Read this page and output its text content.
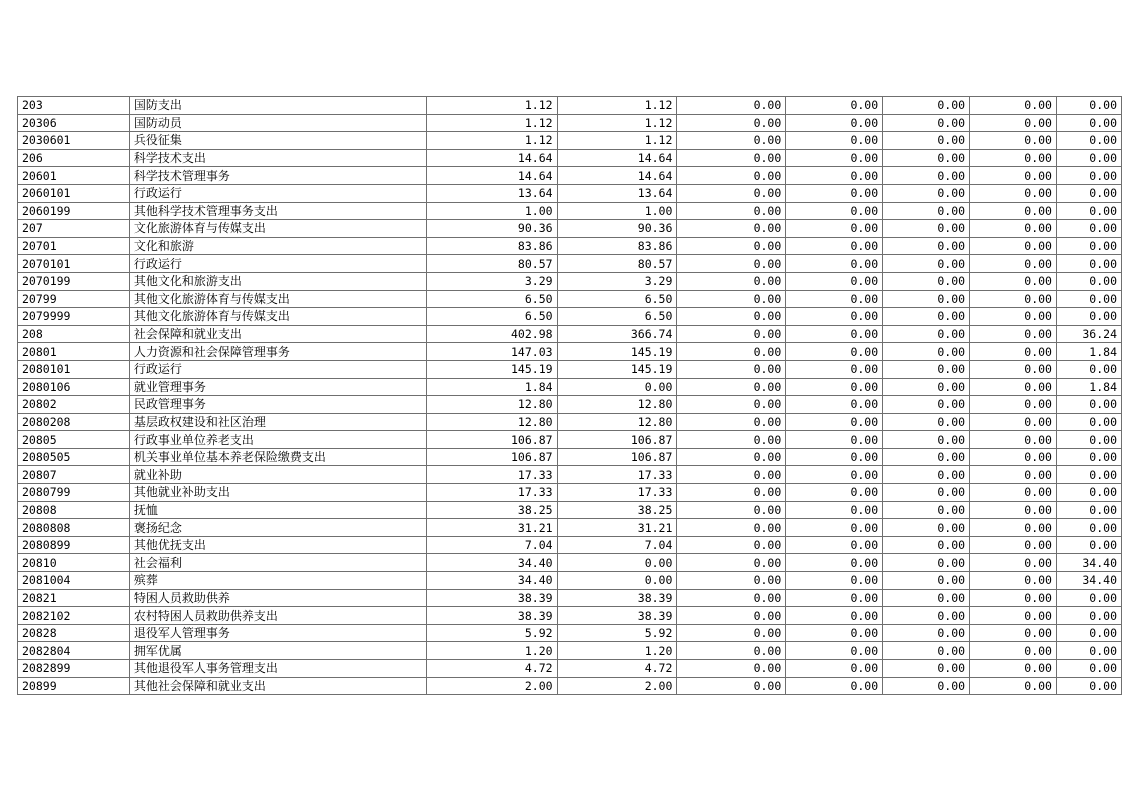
203	国防支出	1.12	1.12	0.00	0.00	0.00	0.00	0.00
20306	国防动员	1.12	1.12	0.00	0.00	0.00	0.00	0.00
2030601	兵役征集	1.12	1.12	0.00	0.00	0.00	0.00	0.00
206	科学技术支出	14.64	14.64	0.00	0.00	0.00	0.00	0.00
20601	科学技术管理事务	14.64	14.64	0.00	0.00	0.00	0.00	0.00
2060101	行政运行	13.64	13.64	0.00	0.00	0.00	0.00	0.00
2060199	其他科学技术管理事务支出	1.00	1.00	0.00	0.00	0.00	0.00	0.00
207	文化旅游体育与传媒支出	90.36	90.36	0.00	0.00	0.00	0.00	0.00
20701	文化和旅游	83.86	83.86	0.00	0.00	0.00	0.00	0.00
2070101	行政运行	80.57	80.57	0.00	0.00	0.00	0.00	0.00
2070199	其他文化和旅游支出	3.29	3.29	0.00	0.00	0.00	0.00	0.00
20799	其他文化旅游体育与传媒支出	6.50	6.50	0.00	0.00	0.00	0.00	0.00
2079999	其他文化旅游体育与传媒支出	6.50	6.50	0.00	0.00	0.00	0.00	0.00
208	社会保障和就业支出	402.98	366.74	0.00	0.00	0.00	0.00	36.24
20801	人力资源和社会保障管理事务	147.03	145.19	0.00	0.00	0.00	0.00	1.84
2080101	行政运行	145.19	145.19	0.00	0.00	0.00	0.00	0.00
2080106	就业管理事务	1.84	0.00	0.00	0.00	0.00	0.00	1.84
20802	民政管理事务	12.80	12.80	0.00	0.00	0.00	0.00	0.00
2080208	基层政权建设和社区治理	12.80	12.80	0.00	0.00	0.00	0.00	0.00
20805	行政事业单位养老支出	106.87	106.87	0.00	0.00	0.00	0.00	0.00
2080505	机关事业单位基本养老保险缴费支出	106.87	106.87	0.00	0.00	0.00	0.00	0.00
20807	就业补助	17.33	17.33	0.00	0.00	0.00	0.00	0.00
2080799	其他就业补助支出	17.33	17.33	0.00	0.00	0.00	0.00	0.00
20808	抚恤	38.25	38.25	0.00	0.00	0.00	0.00	0.00
2080808	褒扬纪念	31.21	31.21	0.00	0.00	0.00	0.00	0.00
2080899	其他优抚支出	7.04	7.04	0.00	0.00	0.00	0.00	0.00
20810	社会福利	34.40	0.00	0.00	0.00	0.00	0.00	34.40
2081004	殡葬	34.40	0.00	0.00	0.00	0.00	0.00	34.40
20821	特困人员救助供养	38.39	38.39	0.00	0.00	0.00	0.00	0.00
2082102	农村特困人员救助供养支出	38.39	38.39	0.00	0.00	0.00	0.00	0.00
20828	退役军人管理事务	5.92	5.92	0.00	0.00	0.00	0.00	0.00
2082804	拥军优属	1.20	1.20	0.00	0.00	0.00	0.00	0.00
2082899	其他退役军人事务管理支出	4.72	4.72	0.00	0.00	0.00	0.00	0.00
20899	其他社会保障和就业支出	2.00	2.00	0.00	0.00	0.00	0.00	0.00
